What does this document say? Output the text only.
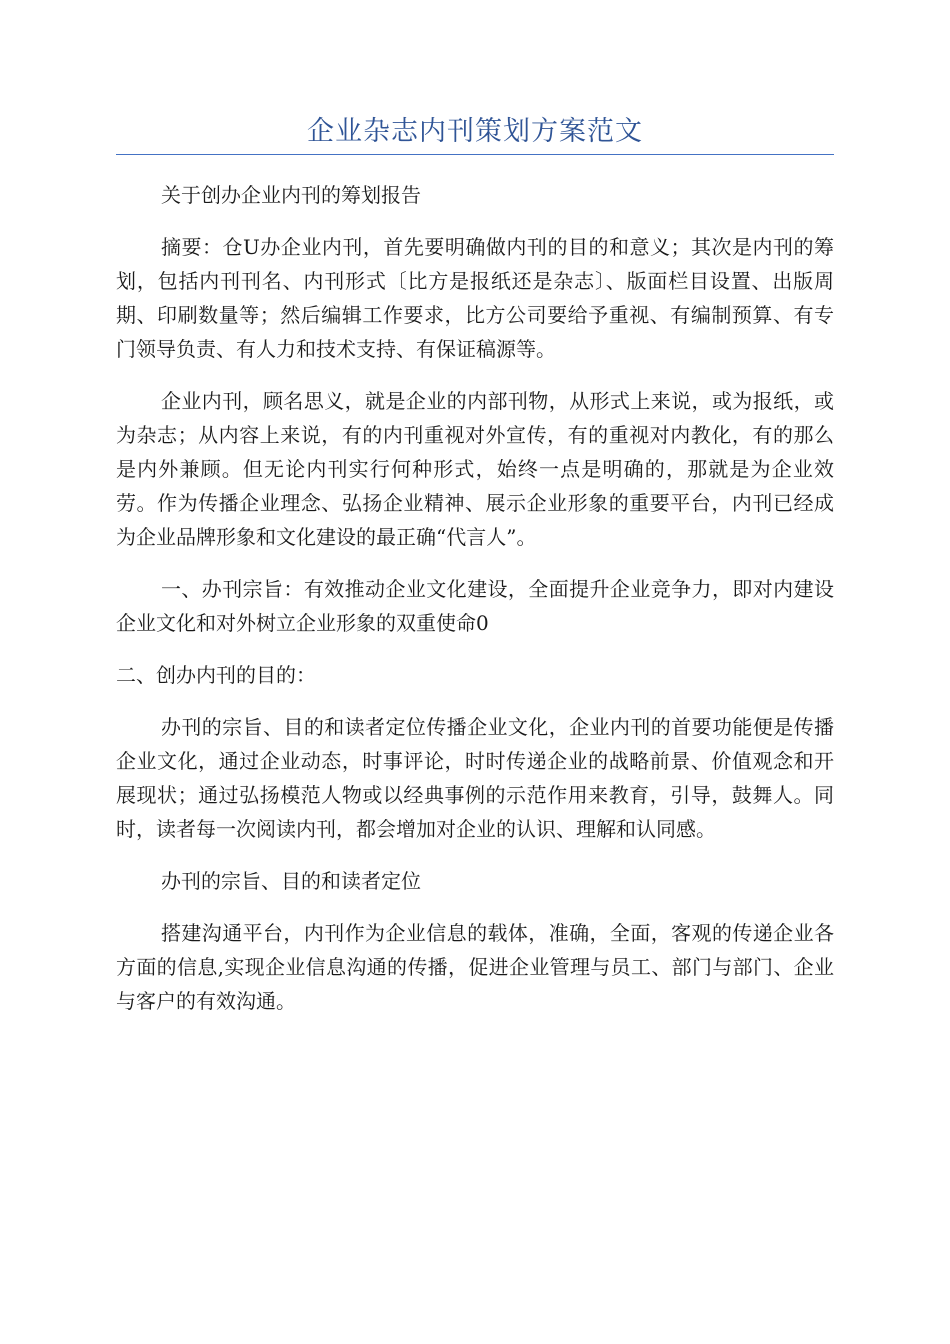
企业杂志内刊策划方案范文

关于创办企业内刊的筹划报告

摘要：仓U办企业内刊，首先要明确做内刊的目的和意义；其次是内刊的筹划，包括内刊刊名、内刊形式〔比方是报纸还是杂志〕、版面栏目设置、出版周期、印刷数量等；然后编辑工作要求，比方公司要给予重视、有编制预算、有专门领导负责、有人力和技术支持、有保证稿源等。

企业内刊，顾名思义，就是企业的内部刊物，从形式上来说，或为报纸，或为杂志；从内容上来说，有的内刊重视对外宣传，有的重视对内教化，有的那么是内外兼顾。但无论内刊实行何种形式，始终一点是明确的，那就是为企业效劳。作为传播企业理念、弘扬企业精神、展示企业形象的重要平台，内刊已经成为企业品牌形象和文化建设的最正确“代言人”。

一、办刊宗旨：有效推动企业文化建设，全面提升企业竞争力，即对内建设企业文化和对外树立企业形象的双重使命0

二、创办内刊的目的：

办刊的宗旨、目的和读者定位传播企业文化，企业内刊的首要功能便是传播企业文化，通过企业动态，时事评论，时时传递企业的战略前景、价值观念和开展现状；通过弘扬模范人物或以经典事例的示范作用来教育，引导，鼓舞人。同时，读者每一次阅读内刊，都会增加对企业的认识、理解和认同感。

办刊的宗旨、目的和读者定位

搭建沟通平台，内刊作为企业信息的载体，准确，全面，客观的传递企业各方面的信息,实现企业信息沟通的传播，促进企业管理与员工、部门与部门、企业与客户的有效沟通。
